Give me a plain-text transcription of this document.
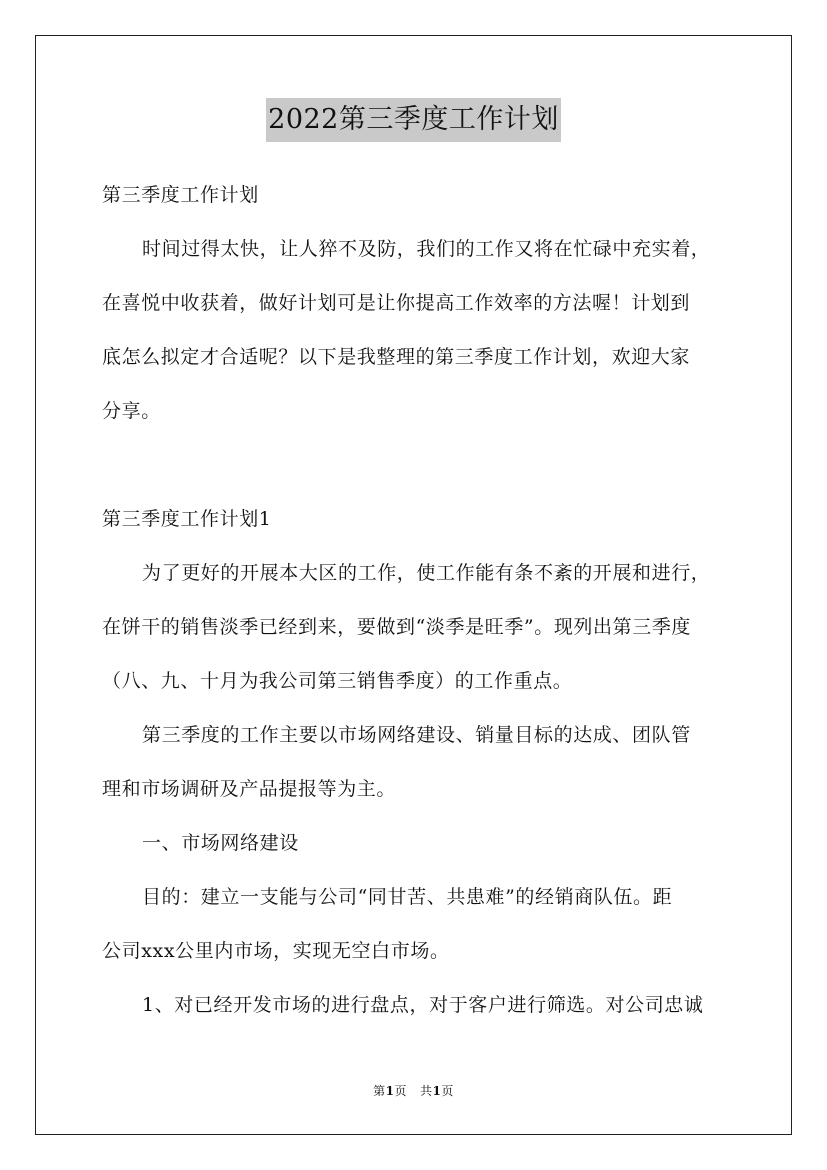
2022第三季度工作计划
第三季度工作计划
时间过得太快，让人猝不及防，我们的工作又将在忙碌中充实着，
在喜悦中收获着，做好计划可是让你提高工作效率的方法喔！计划到
底怎么拟定才合适呢？以下是我整理的第三季度工作计划，欢迎大家
分享。
第三季度工作计划1
为了更好的开展本大区的工作，使工作能有条不紊的开展和进行，
在饼干的销售淡季已经到来，要做到“淡季是旺季”。现列出第三季度
（八、九、十月为我公司第三销售季度）的工作重点。
第三季度的工作主要以市场网络建设、销量目标的达成、团队管
理和市场调研及产品提报等为主。
一、市场网络建设
目的：建立一支能与公司“同甘苦、共患难”的经销商队伍。距
公司xxx公里内市场，实现无空白市场。
1、对已经开发市场的进行盘点，对于客户进行筛选。对公司忠诚
第1页 共1页
